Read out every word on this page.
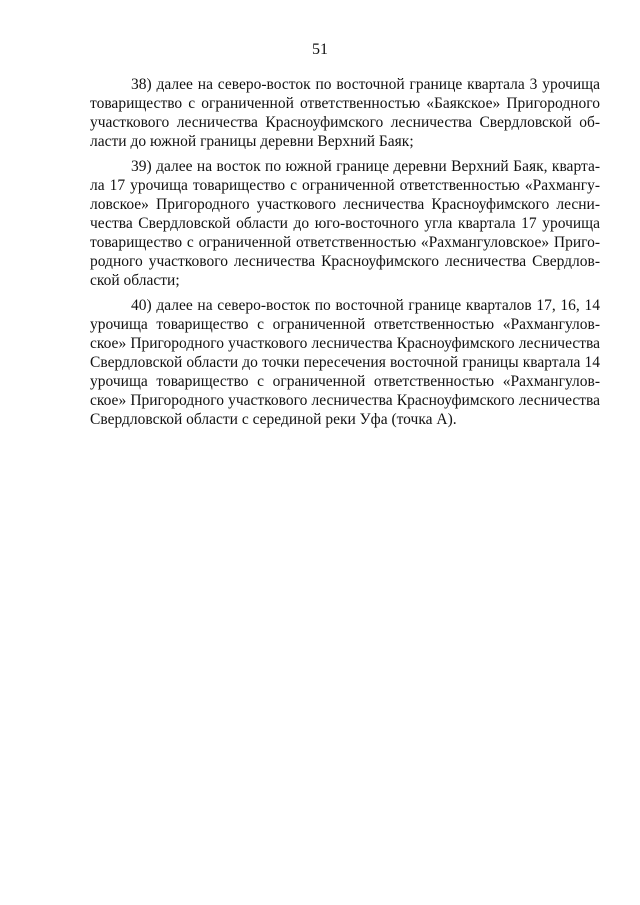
51
38) далее на северо-восток по восточной границе квартала 3 урочища
товарищество с ограниченной ответственностью «Баякское» Пригородного
участкового лесничества Красноуфимского лесничества Свердловской об-
ласти до южной границы деревни Верхний Баяк;
39) далее на восток по южной границе деревни Верхний Баяк, кварта-
ла 17 урочища товарищество с ограниченной ответственностью «Рахмангу-
ловское» Пригородного участкового лесничества Красноуфимского лесни-
чества Свердловской области до юго-восточного угла квартала 17 урочища
товарищество с ограниченной ответственностью «Рахмангуловское» Приго-
родного участкового лесничества Красноуфимского лесничества Свердлов-
ской области;
40) далее на северо-восток по восточной границе кварталов 17, 16, 14
урочища товарищество с ограниченной ответственностью «Рахмангулов-
ское» Пригородного участкового лесничества Красноуфимского лесничества
Свердловской области до точки пересечения восточной границы квартала 14
урочища товарищество с ограниченной ответственностью «Рахмангулов-
ское» Пригородного участкового лесничества Красноуфимского лесничества
Свердловской области с серединой реки Уфа (точка А).
